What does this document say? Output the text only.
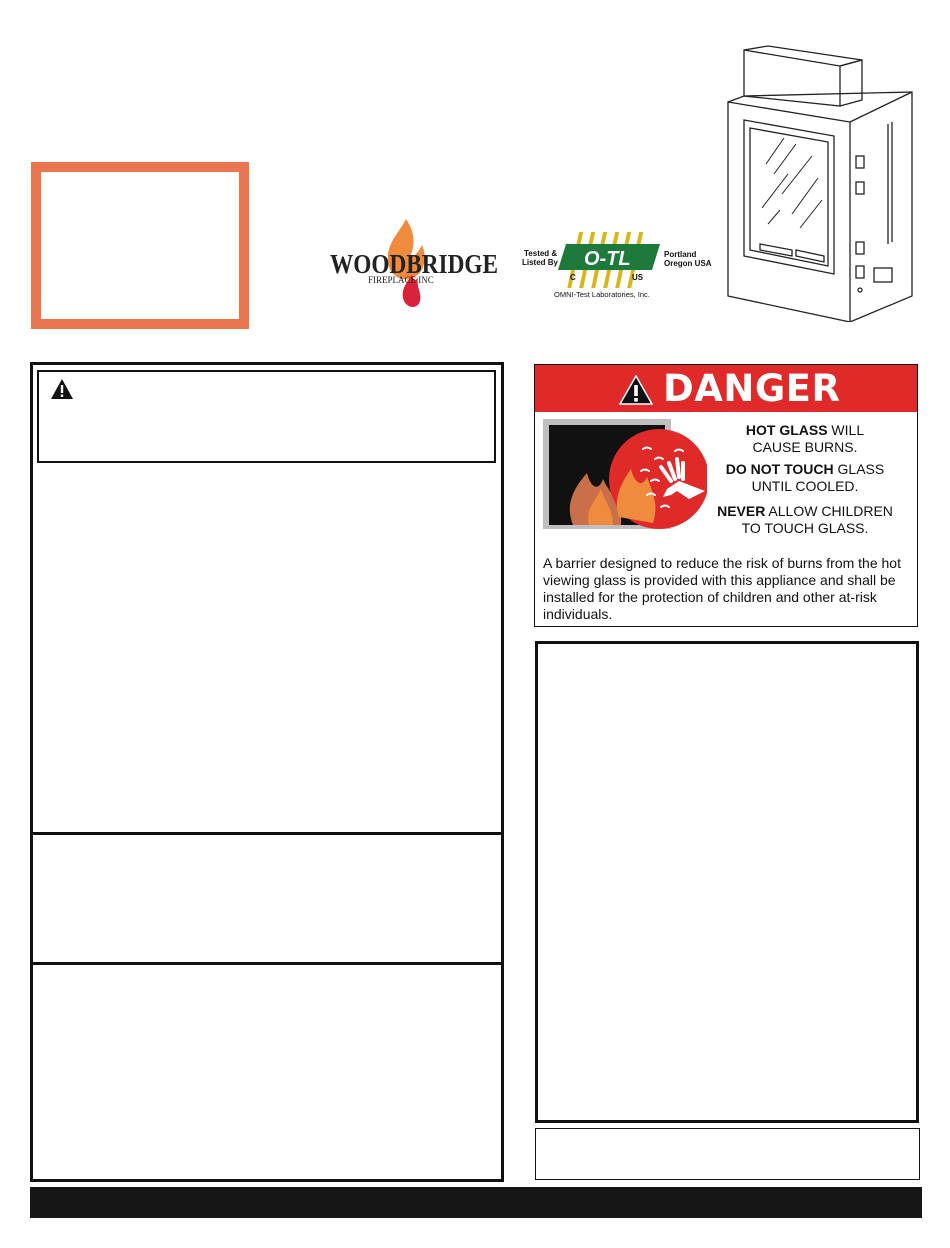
WOODBRIDGE
FIREPLACE INC
Tested &
Listed By O-TL
C	US
Portland
Oregon USA
OMNI-Test Laboratories, Inc.
DANGER
HOT GLASS WILL
CAUSE BURNS.
DO NOT TOUCH GLASS
UNTIL COOLED.
NEVER ALLOW CHILDREN
TO TOUCH GLASS.
A barrier designed to reduce the risk of burns from the hot viewing glass is provided with this appliance and shall be installed for the protection of children and other at-risk individuals.
